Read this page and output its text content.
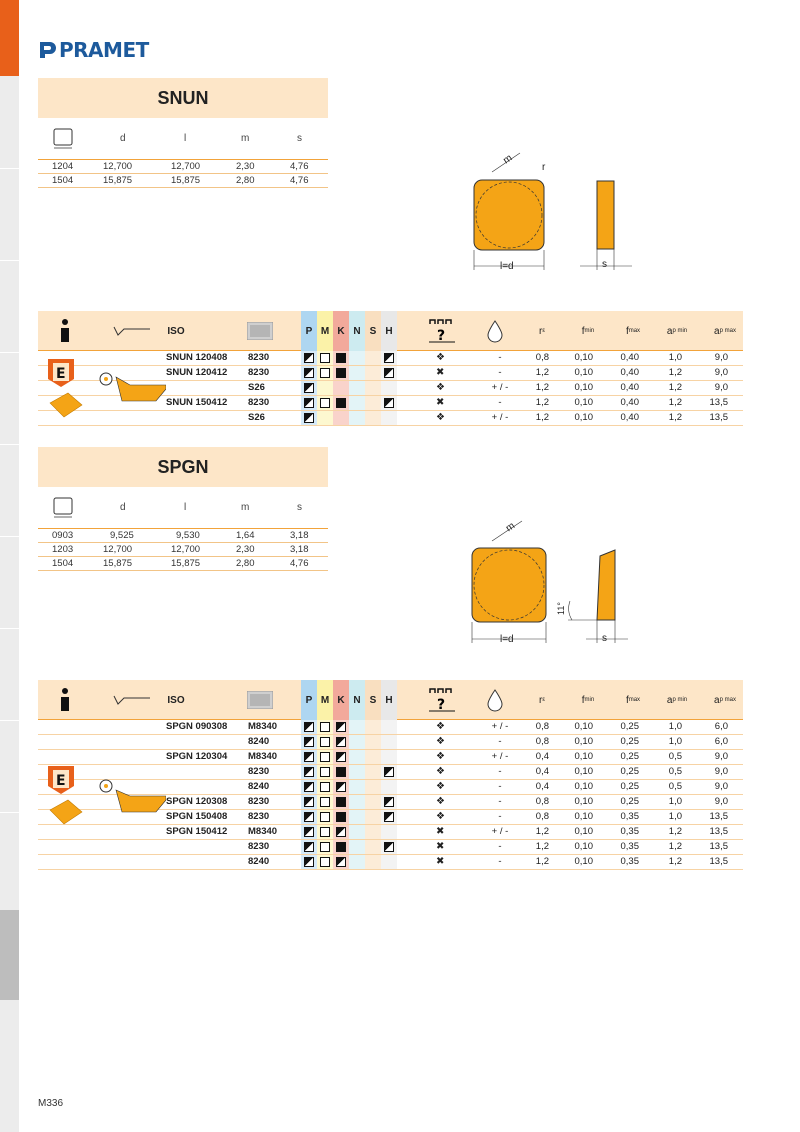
PRAMET
SNUN
d	l	m	s
1204	12,700	12,700	2,30	4,76
1504	15,875	15,875	2,80	4,76
l=d
m
r
s
ISO	P M K N S H	?	r ε	f min	f max	a p min	a p max
SNUN 120408 8230	❖	-	0,8	0,10	0,40	1,0	9,0
SNUN 120412 8230	✖	-	1,2	0,10	0,40	1,2	9,0
S26	❖	+ / -	1,2	0,10	0,40	1,2	9,0
SNUN 150412 8230	✖	-	1,2	0,10	0,40	1,2	13,5
S26	❖	+ / -	1,2	0,10	0,40	1,2	13,5
E
SPGN
d	l	m	s
0903	9,525	9,530	1,64	3,18
1203	12,700	12,700	2,30	3,18
1504	15,875	15,875	2,80	4,76
l=d
m
s
11°
ISO	P M K N S H	?	r ε	f min	f max	a p min	a p max
SPGN 090308 M8340	❖	+ / -	0,8	0,10	0,25	1,0	6,0
8240	❖	-	0,8	0,10	0,25	1,0	6,0
SPGN 120304 M8340	❖	+ / -	0,4	0,10	0,25	0,5	9,0
8230	❖	-	0,4	0,10	0,25	0,5	9,0
8240	❖	-	0,4	0,10	0,25	0,5	9,0
SPGN 120308 8230	❖	-	0,8	0,10	0,25	1,0	9,0
SPGN 150408 8230	❖	-	0,8	0,10	0,35	1,0	13,5
SPGN 150412 M8340	✖	+ / -	1,2	0,10	0,35	1,2	13,5
8230	✖	-	1,2	0,10	0,35	1,2	13,5
8240	✖	-	1,2	0,10	0,35	1,2	13,5
E
M336
